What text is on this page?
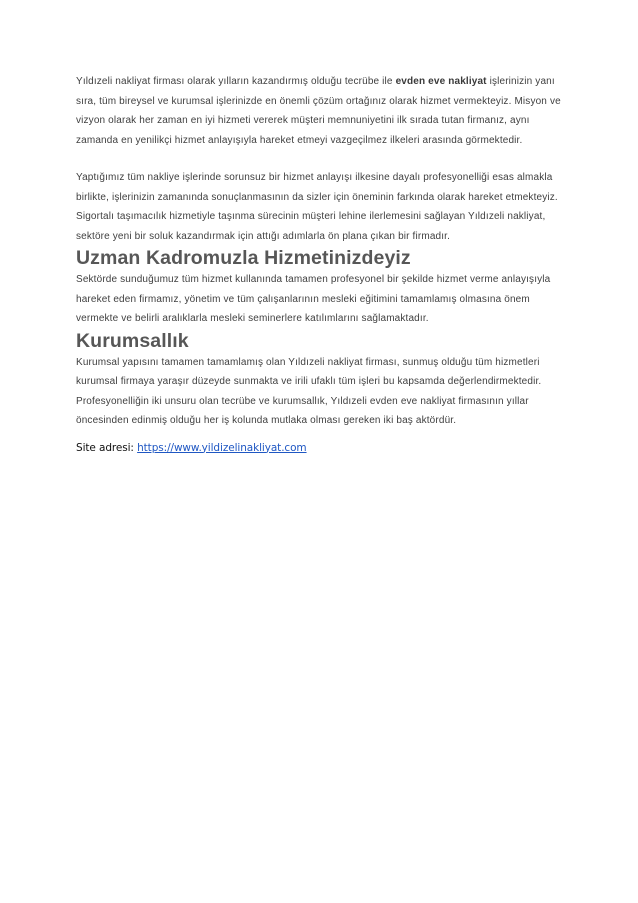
Yıldızeli nakliyat firması olarak yılların kazandırmış olduğu tecrübe ile evden eve nakliyat işlerinizin yanı sıra, tüm bireysel ve kurumsal işlerinizde en önemli çözüm ortağınız olarak hizmet vermekteyiz. Misyon ve vizyon olarak her zaman en iyi hizmeti vererek müşteri memnuniyetini ilk sırada tutan firmanız, aynı zamanda en yenilikçi hizmet anlayışıyla hareket etmeyi vazgeçilmez ilkeleri arasında görmektedir.

Yaptığımız tüm nakliye işlerinde sorunsuz bir hizmet anlayışı ilkesine dayalı profesyonelliği esas almakla birlikte, işlerinizin zamanında sonuçlanmasının da sizler için öneminin farkında olarak hareket etmekteyiz. Sigortalı taşımacılık hizmetiyle taşınma sürecinin müşteri lehine ilerlemesini sağlayan Yıldızeli nakliyat, sektöre yeni bir soluk kazandırmak için attığı adımlarla ön plana çıkan bir firmadır.

Uzman Kadromuzla Hizmetinizdeyiz

Sektörde sunduğumuz tüm hizmet kullanında tamamen profesyonel bir şekilde hizmet verme anlayışıyla hareket eden firmamız, yönetim ve tüm çalışanlarının mesleki eğitimini tamamlamış olmasına önem vermekte ve belirli aralıklarla mesleki seminerlere katılımlarını sağlamaktadır.

Kurumsallık

Kurumsal yapısını tamamen tamamlamış olan Yıldızeli nakliyat firması, sunmuş olduğu tüm hizmetleri kurumsal firmaya yaraşır düzeyde sunmakta ve irili ufaklı tüm işleri bu kapsamda değerlendirmektedir. Profesyonelliğin iki unsuru olan tecrübe ve kurumsallık, Yıldızeli evden eve nakliyat firmasının yıllar öncesinden edinmiş olduğu her iş kolunda mutlaka olması gereken iki baş aktördür.

Site adresi: https://www.yildizelinakliyat.com
